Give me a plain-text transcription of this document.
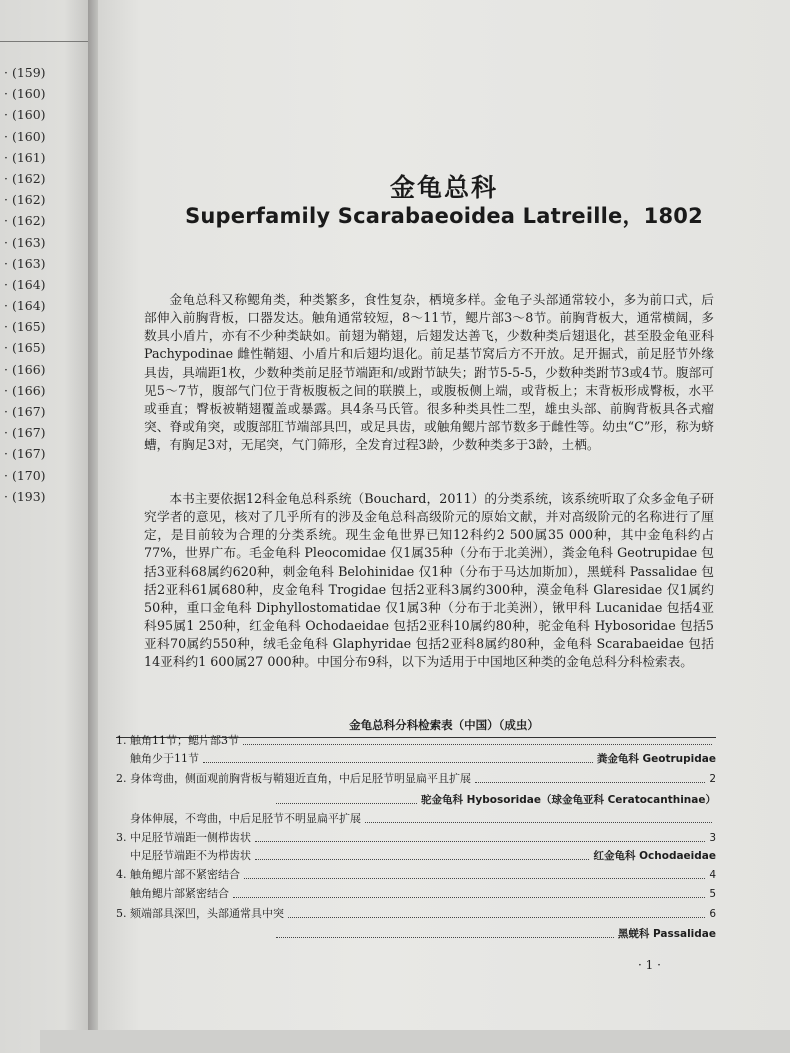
· (159)
· (160)
· (160)
· (160)
· (161)
· (162)
· (162)
· (162)
· (163)
· (163)
· (164)
· (164)
· (165)
· (165)
· (166)
· (166)
· (167)
· (167)
· (167)
· (170)
· (193)
金龟总科
Superfamily Scarabaeoidea Latreille，1802

金龟总科又称鳃角类，种类繁多，食性复杂，栖境多样。金龟子头部通常较小，多为前口式，后部伸入前胸背板，口器发达。触角通常较短，8～11节，鳃片部3～8节。前胸背板大，通常横阔，多数具小盾片，亦有不少种类缺如。前翅为鞘翅，后翅发达善飞，少数种类后翅退化，甚至股金龟亚科 Pachypodinae 雌性鞘翅、小盾片和后翅均退化。前足基节窝后方不开放。足开掘式，前足胫节外缘具齿，具端距1枚，少数种类前足胫节端距和/或跗节缺失；跗节5-5-5，少数种类跗节3或4节。腹部可见5～7节，腹部气门位于背板腹板之间的联膜上，或腹板侧上端，或背板上；末背板形成臀板，水平或垂直；臀板被鞘翅覆盖或暴露。具4条马氏管。很多种类具性二型，雄虫头部、前胸背板具各式瘤突、脊或角突，或腹部肛节端部具凹，或足具齿，或触角鳃片部节数多于雌性等。幼虫“C”形，称为蛴螬，有胸足3对，无尾突，气门筛形，全发育过程3龄，少数种类多于3龄，土栖。

本书主要依据12科金龟总科系统（Bouchard，2011）的分类系统，该系统听取了众多金龟子研究学者的意见，核对了几乎所有的涉及金龟总科高级阶元的原始文献，并对高级阶元的名称进行了厘定，是目前较为合理的分类系统。现生金龟世界已知12科约2 500属35 000种，其中金龟科约占77%，世界广布。毛金龟科 Pleocomidae 仅1属35种（分布于北美洲），粪金龟科 Geotrupidae 包括3亚科68属约620种，刺金龟科 Belohinidae 仅1种（分布于马达加斯加），黑蜣科 Passalidae 包括2亚科61属680种，皮金龟科 Trogidae 包括2亚科3属约300种，漠金龟科 Glaresidae 仅1属约50种，重口金龟科 Diphyllostomatidae 仅1属3种（分布于北美洲），锹甲科 Lucanidae 包括4亚科95属1 250种，红金龟科 Ochodaeidae 包括2亚科10属约80种，驼金龟科 Hybosoridae 包括5亚科70属约550种，绒毛金龟科 Glaphyridae 包括2亚科8属约80种，金龟科 Scarabaeidae 包括14亚科约1 600属27 000种。中国分布9科，以下为适用于中国地区种类的金龟总科分科检索表。

金龟总科分科检索表（中国）（成虫）
1. 触角11节；鳃片部3节
触角少于11节	粪金龟科 Geotrupidae
2. 身体弯曲，侧面观前胸背板与鞘翅近直角，中后足胫节明显扁平且扩展	2
驼金龟科 Hybosoridae（球金龟亚科 Ceratocanthinae）
身体伸展，不弯曲，中后足胫节不明显扁平扩展
3. 中足胫节端距一侧栉齿状	3
中足胫节端距不为栉齿状	红金龟科 Ochodaeidae
4. 触角鳃片部不紧密结合	4
触角鳃片部紧密结合	5
5. 颏端部具深凹，头部通常具中突	6
黑蜣科 Passalidae
· 1 ·
